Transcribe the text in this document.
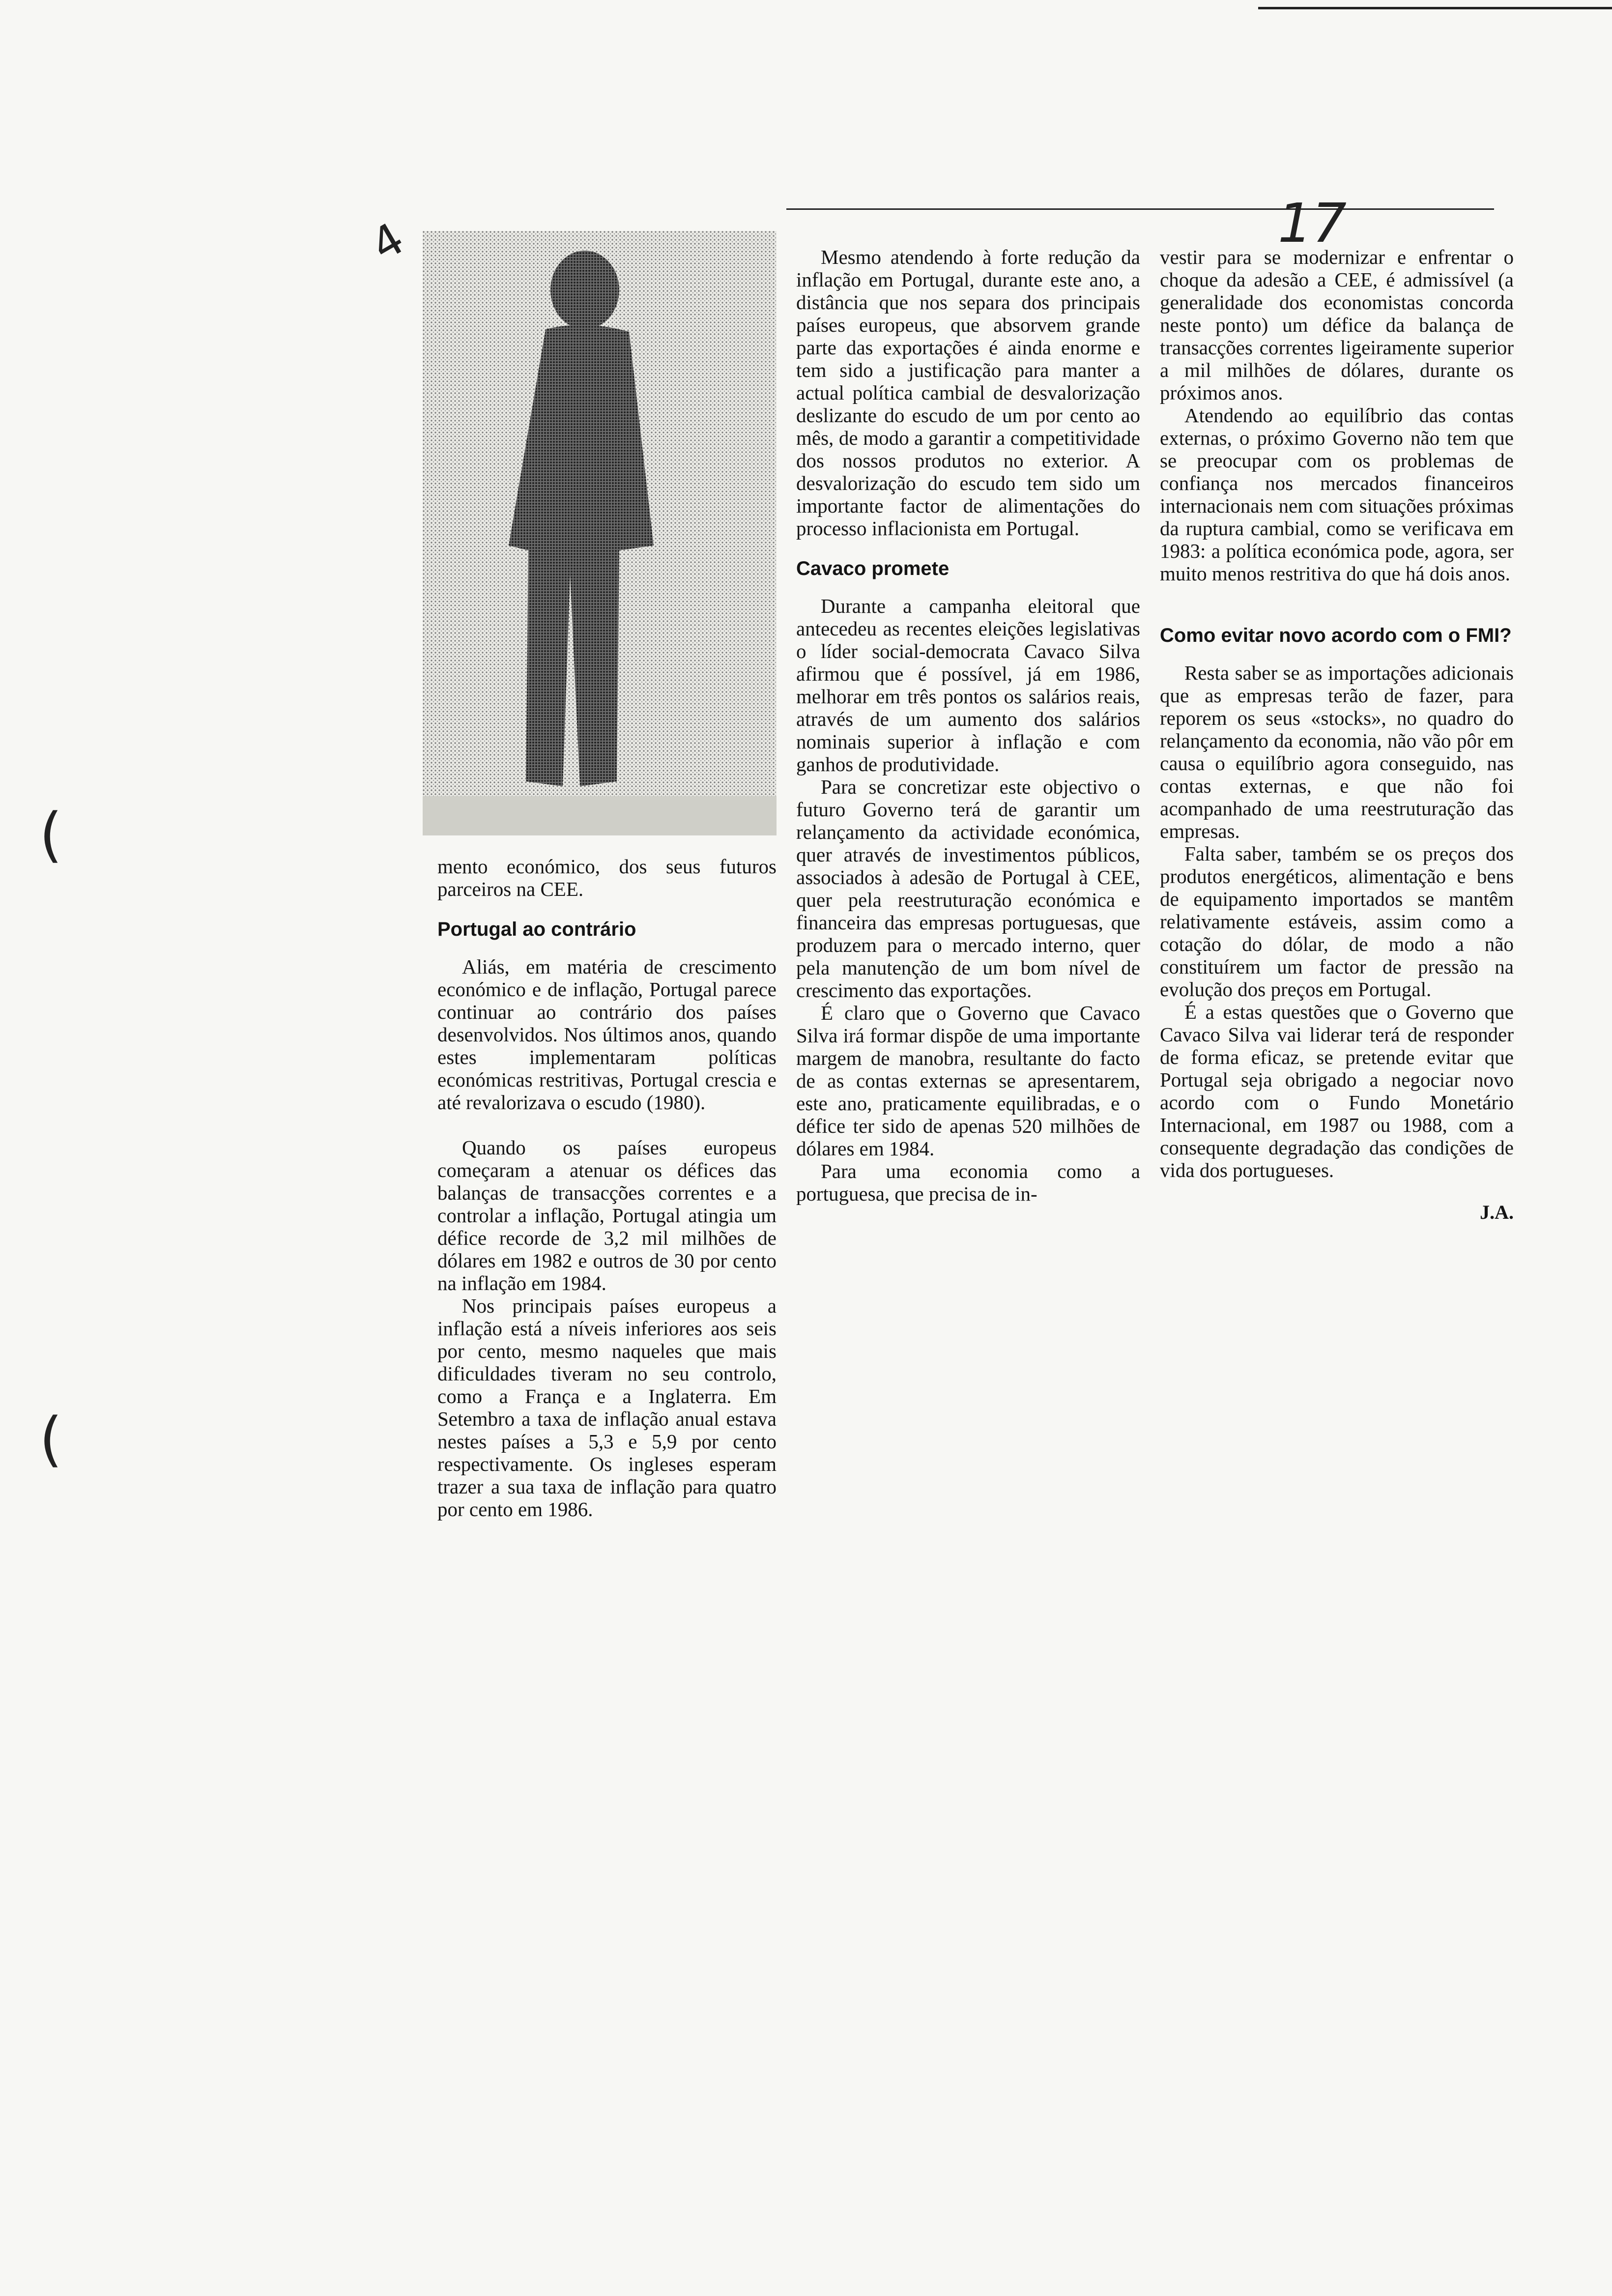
4	17
(
(

mento económico, dos seus futuros parceiros na CEE.

Portugal ao contrário

Aliás, em matéria de crescimento económico e de inflação, Portugal parece continuar ao contrário dos países desenvolvidos. Nos últimos anos, quando estes implementaram políticas económicas restritivas, Portugal crescia e até revalorizava o escudo (1980).

Quando os países europeus começaram a atenuar os défices das balanças de transacções correntes e a controlar a inflação, Portugal atingia um défice recorde de 3,2 mil milhões de dólares em 1982 e outros de 30 por cento na inflação em 1984.

Nos principais países europeus a inflação está a níveis inferiores aos seis por cento, mesmo naqueles que mais dificuldades tiveram no seu controlo, como a França e a Inglaterra. Em Setembro a taxa de inflação anual estava nestes países a 5,3 e 5,9 por cento respectivamente. Os ingleses esperam trazer a sua taxa de inflação para quatro por cento em 1986.

Mesmo atendendo à forte redução da inflação em Portugal, durante este ano, a distância que nos separa dos principais países europeus, que absorvem grande parte das exportações é ainda enorme e tem sido a justificação para manter a actual política cambial de desvalorização deslizante do escudo de um por cento ao mês, de modo a garantir a competitividade dos nossos produtos no exterior. A desvalorização do escudo tem sido um importante factor de alimentações do processo inflacionista em Portugal.

Cavaco promete

Durante a campanha eleitoral que antecedeu as recentes eleições legislativas o líder social-democrata Cavaco Silva afirmou que é possível, já em 1986, melhorar em três pontos os salários reais, através de um aumento dos salários nominais superior à inflação e com ganhos de produtividade.

Para se concretizar este objectivo o futuro Governo terá de garantir um relançamento da actividade económica, quer através de investimentos públicos, associados à adesão de Portugal à CEE, quer pela reestruturação económica e financeira das empresas portuguesas, que produzem para o mercado interno, quer pela manutenção de um bom nível de crescimento das exportações.

É claro que o Governo que Cavaco Silva irá formar dispõe de uma importante margem de manobra, resultante do facto de as contas externas se apresentarem, este ano, praticamente equilibradas, e o défice ter sido de apenas 520 milhões de dólares em 1984.

Para uma economia como a portuguesa, que precisa de in-

vestir para se modernizar e enfrentar o choque da adesão a CEE, é admissível (a generalidade dos economistas concorda neste ponto) um défice da balança de transacções correntes ligeiramente superior a mil milhões de dólares, durante os próximos anos.

Atendendo ao equilíbrio das contas externas, o próximo Governo não tem que se preocupar com os problemas de confiança nos mercados financeiros internacionais nem com situações próximas da ruptura cambial, como se verificava em 1983: a política económica pode, agora, ser muito menos restritiva do que há dois anos.

Como evitar novo acordo com o FMI?

Resta saber se as importações adicionais que as empresas terão de fazer, para reporem os seus «stocks», no quadro do relançamento da economia, não vão pôr em causa o equilíbrio agora conseguido, nas contas externas, e que não foi acompanhado de uma reestruturação das empresas.

Falta saber, também se os preços dos produtos energéticos, alimentação e bens de equipamento importados se mantêm relativamente estáveis, assim como a cotação do dólar, de modo a não constituírem um factor de pressão na evolução dos preços em Portugal.

É a estas questões que o Governo que Cavaco Silva vai liderar terá de responder de forma eficaz, se pretende evitar que Portugal seja obrigado a negociar novo acordo com o Fundo Monetário Internacional, em 1987 ou 1988, com a consequente degradação das condições de vida dos portugueses.

J.A.
